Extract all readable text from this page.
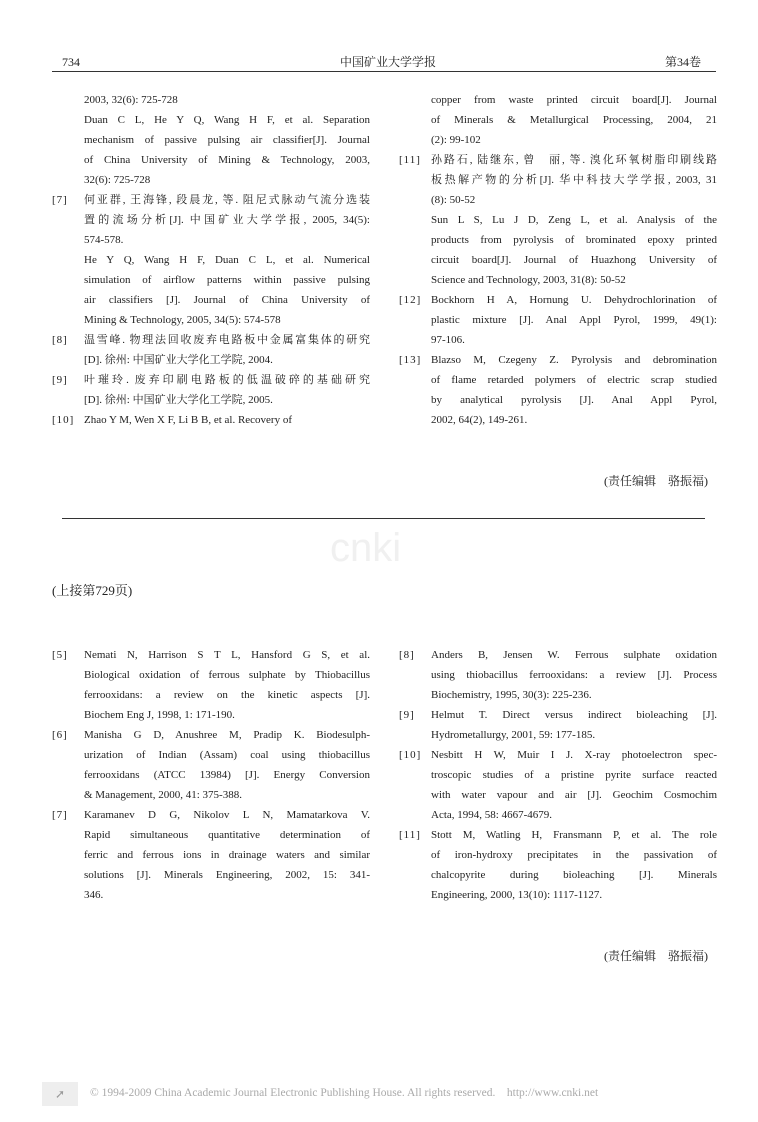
cnki
734	中国矿业大学学报	第34卷
2003, 32(6): 725-728
Duan C L, He Y Q, Wang H F, et al. Separation
mechanism of passive pulsing air classifier[J]. Journal
of China University of Mining & Technology, 2003,
32(6): 725-728
[7]	何亚群, 王海锋, 段晨龙, 等. 阻尼式脉动气流分选装
置的流场分析[J]. 中国矿业大学学报, 2005, 34(5):
574-578.
He Y Q, Wang H F, Duan C L, et al. Numerical
simulation of airflow patterns within passive pulsing
air classifiers [J]. Journal of China University of
Mining & Technology, 2005, 34(5): 574-578
[8]	温雪峰. 物理法回收废弃电路板中金属富集体的研究
[D]. 徐州: 中国矿业大学化工学院, 2004.
[9]	叶璀玲. 废弃印刷电路板的低温破碎的基础研究
[D]. 徐州: 中国矿业大学化工学院, 2005.
[10] Zhao Y M, Wen X F, Li B B, et al. Recovery of
copper from waste printed circuit board[J]. Journal
of Minerals & Metallurgical Processing, 2004, 21
(2): 99-102
[11] 孙路石, 陆继东, 曾　丽, 等. 溴化环氧树脂印刷线路
板热解产物的分析[J]. 华中科技大学学报, 2003, 31
(8): 50-52
Sun L S, Lu J D, Zeng L, et al. Analysis of the
products from pyrolysis of brominated epoxy printed
circuit board[J]. Journal of Huazhong University of
Science and Technology, 2003, 31(8): 50-52
[12] Bockhorn H A, Hornung U. Dehydrochlorination of
plastic mixture [J]. Anal Appl Pyrol, 1999, 49(1):
97-106.
[13] Blazso M, Czegeny Z. Pyrolysis and debromination
of flame retarded polymers of electric scrap studied
by analytical pyrolysis [J]. Anal Appl Pyrol,
2002, 64(2), 149-261.
(责任编辑　骆振福)
(上接第729页)
[5]	Nemati N, Harrison S T L, Hansford G S, et al.
Biological oxidation of ferrous sulphate by Thiobacillus
ferrooxidans: a review on the kinetic aspects [J].
Biochem Eng J, 1998, 1: 171-190.
[6]	Manisha G D, Anushree M, Pradip K. Biodesulph-
urization of Indian (Assam) coal using thiobacillus
ferrooxidans (ATCC 13984) [J]. Energy Conversion
& Management, 2000, 41: 375-388.
[7]	Karamanev D G, Nikolov L N, Mamatarkova V.
Rapid simultaneous quantitative determination of
ferric and ferrous ions in drainage waters and similar
solutions [J]. Minerals Engineering, 2002, 15: 341-
346.
[8]	Anders B, Jensen W. Ferrous sulphate oxidation
using thiobacillus ferrooxidans: a review [J]. Process
Biochemistry, 1995, 30(3): 225-236.
[9]	Helmut T. Direct versus indirect bioleaching [J].
Hydrometallurgy, 2001, 59: 177-185.
[10] Nesbitt H W, Muir I J. X-ray photoelectron spec-
troscopic studies of a pristine pyrite surface reacted
with water vapour and air [J]. Geochim Cosmochim
Acta, 1994, 58: 4667-4679.
[11] Stott M, Watling H, Fransmann P, et al. The role
of iron-hydroxy precipitates in the passivation of
chalcopyrite during bioleaching [J]. Minerals
Engineering, 2000, 13(10): 1117-1127.
(责任编辑　骆振福)
➚	© 1994-2009 China Academic Journal Electronic Publishing House. All rights reserved. http://www.cnki.net
